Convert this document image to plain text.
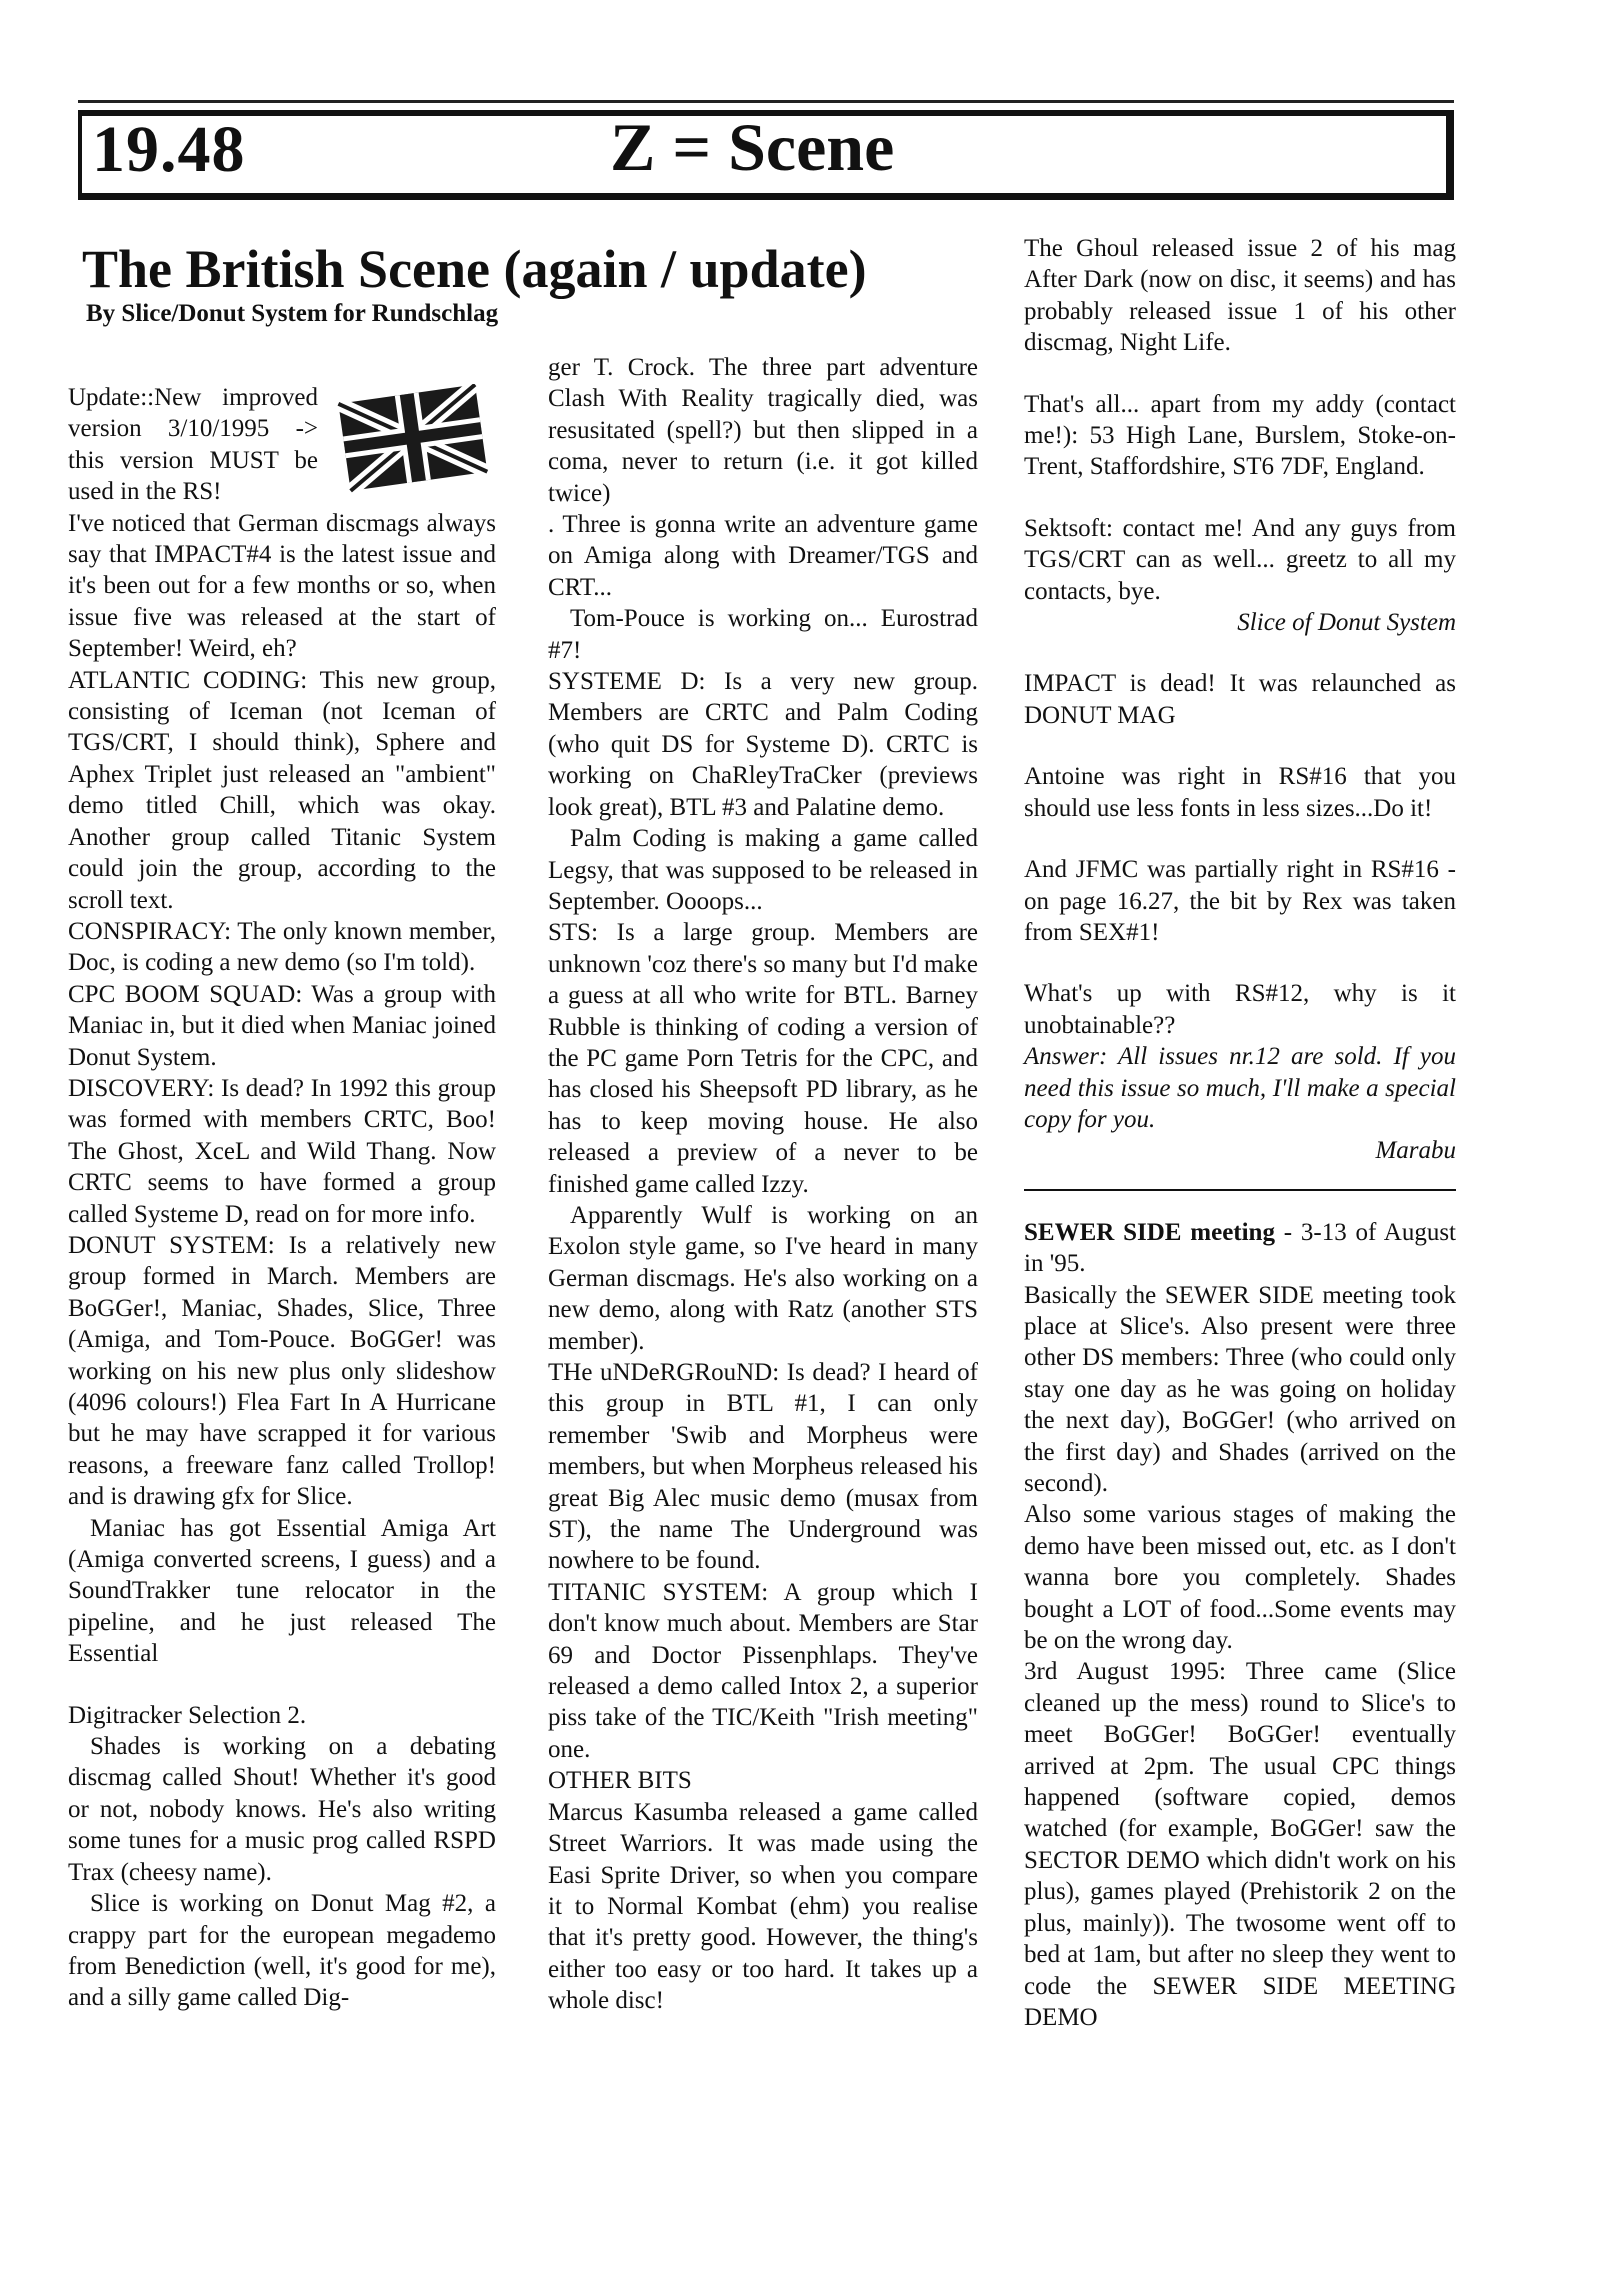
19.48	Z = Scene
The British Scene (again / update)
By Slice/Donut System for Rundschlag

Update::New improved version 3/10/1995 -> this version MUST be used in the RS!

I've noticed that German discmags always say that IMPACT#4 is the latest issue and it's been out for a few months or so, when issue five was released at the start of September! Weird, eh?

ATLANTIC CODING: This new group, consisting of Iceman (not Iceman of TGS/CRT, I should think), Sphere and Aphex Triplet just released an "ambient" demo titled Chill, which was okay. Another group called Titanic System could join the group, according to the scroll text.

CONSPIRACY: The only known member, Doc, is coding a new demo (so I'm told).

CPC BOOM SQUAD: Was a group with Maniac in, but it died when Maniac joined Donut System.

DISCOVERY: Is dead? In 1992 this group was formed with members CRTC, Boo! The Ghost, XceL and Wild Thang. Now CRTC seems to have formed a group called Systeme D, read on for more info.

DONUT SYSTEM: Is a relatively new group formed in March. Members are BoGGer!, Maniac, Shades, Slice, Three (Amiga, and Tom-Pouce. BoGGer! was working on his new plus only slideshow (4096 colours!) Flea Fart In A Hurricane but he may have scrapped it for various reasons, a freeware fanz called Trollop! and is drawing gfx for Slice.

Maniac has got Essential Amiga Art (Amiga converted screens, I guess) and a SoundTrakker tune relocator in the pipeline, and he just released The Essential

Digitracker Selection 2.

Shades is working on a debating discmag called Shout! Whether it's good or not, nobody knows. He's also writing some tunes for a music prog called RSPD Trax (cheesy name).

Slice is working on Donut Mag #2, a crappy part for the european megademo from Benediction (well, it's good for me), and a silly game called Dig-

ger T. Crock. The three part adventure Clash With Reality tragically died, was resusitated (spell?) but then slipped in a coma, never to return (i.e. it got killed twice)

. Three is gonna write an adventure game on Amiga along with Dreamer/TGS and CRT...

Tom-Pouce is working on... Eurostrad #7!

SYSTEME D: Is a very new group. Members are CRTC and Palm Coding (who quit DS for Systeme D). CRTC is working on ChaRleyTraCker (previews look great), BTL #3 and Palatine demo.

Palm Coding is making a game called Legsy, that was supposed to be released in September. Oooops...

STS: Is a large group. Members are unknown 'coz there's so many but I'd make a guess at all who write for BTL. Barney Rubble is thinking of coding a version of the PC game Porn Tetris for the CPC, and has closed his Sheepsoft PD library, as he has to keep moving house. He also released a preview of a never to be finished game called Izzy.

Apparently Wulf is working on an Exolon style game, so I've heard in many German discmags. He's also working on a new demo, along with Ratz (another STS member).

THe uNDeRGRouND: Is dead? I heard of this group in BTL #1, I can only remember 'Swib and Morpheus were members, but when Morpheus released his great Big Alec music demo (musax from ST), the name The Underground was nowhere to be found.

TITANIC SYSTEM: A group which I don't know much about. Members are Star 69 and Doctor Pissenphlaps. They've released a demo called Intox 2, a superior piss take of the TIC/Keith "Irish meeting" one.

OTHER BITS

Marcus Kasumba released a game called Street Warriors. It was made using the Easi Sprite Driver, so when you compare it to Normal Kombat (ehm) you realise that it's pretty good. However, the thing's either too easy or too hard. It takes up a whole disc!

The Ghoul released issue 2 of his mag After Dark (now on disc, it seems) and has probably released issue 1 of his other discmag, Night Life.

That's all... apart from my addy (contact me!): 53 High Lane, Burslem, Stoke-on- Trent, Staffordshire, ST6 7DF, England.

Sektsoft: contact me! And any guys from TGS/CRT can as well... greetz to all my contacts, bye.

Slice of Donut System

IMPACT is dead! It was relaunched as DONUT MAG

Antoine was right in RS#16 that you should use less fonts in less sizes...Do it!

And JFMC was partially right in RS#16 - on page 16.27, the bit by Rex was taken from SEX#1!

What's up with RS#12, why is it unobtainable??

Answer: All issues nr.12 are sold. If you need this issue so much, I'll make a special copy for you.

Marabu

SEWER SIDE meeting - 3-13 of August in '95.

Basically the SEWER SIDE meeting took place at Slice's. Also present were three other DS members: Three (who could only stay one day as he was going on holiday the next day), BoGGer! (who arrived on the first day) and Shades (arrived on the second).

Also some various stages of making the demo have been missed out, etc. as I don't wanna bore you completely. Shades bought a LOT of food...Some events may be on the wrong day.

3rd August 1995: Three came (Slice cleaned up the mess) round to Slice's to meet BoGGer! BoGGer! eventually arrived at 2pm. The usual CPC things happened (software copied, demos watched (for example, BoGGer! saw the SECTOR DEMO which didn't work on his plus), games played (Prehistorik 2 on the plus, mainly)). The twosome went off to bed at 1am, but after no sleep they went to code the SEWER SIDE MEETING DEMO
